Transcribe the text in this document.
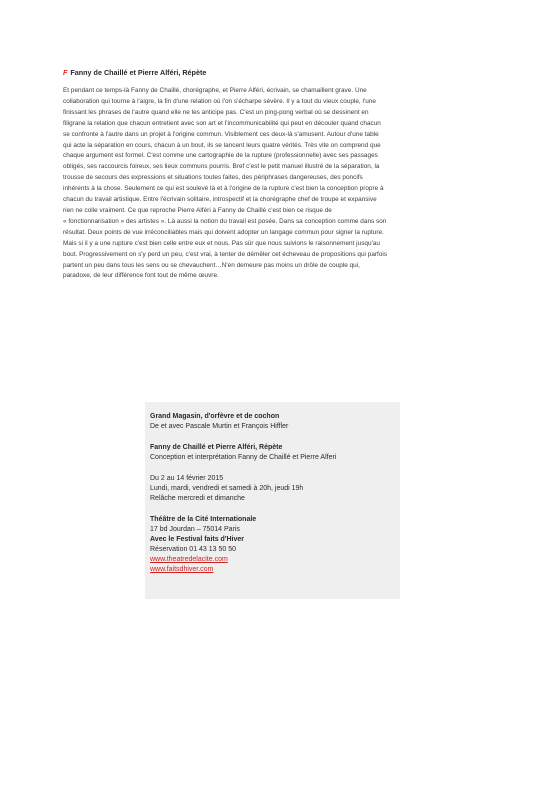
F Fanny de Chaillé et Pierre Alféri, Répète
Et pendant ce temps-là Fanny de Chaillé, chorégraphe, et Pierre Alféri, écrivain, se chamaillent grave. Une
collaboration qui tourne à l'aigre, la fin d'une relation où l'on s'écharpe sévère. Il y a tout du vieux couple, l'une
finissant les phrases de l'autre quand elle ne les anticipe pas. C'est un ping-pong verbal où se dessinent en
filigrane la relation que chacun entretient avec son art et l'incommunicabilité qui peut en découler quand chacun
se confronte à l'autre dans un projet à l'origine commun. Visiblement ces deux-là s'amusent. Autour d'une table
qui acte la séparation en cours, chacun à un bout, ils se lancent leurs quatre vérités. Très vite on comprend que
chaque argument est formel. C'est comme une cartographie de la rupture (professionnelle) avec ses passages
obligés, ses raccourcis foireux, ses lieux communs pourris. Bref c'est le petit manuel illustré de la séparation, la
trousse de secours des expressions et situations toutes faites, des périphrases dangereuses, des poncifs
inhérents à la chose. Seulement ce qui est soulevé là et à l'origine de la rupture c'est bien la conception propre à
chacun du travail artistique. Entre l'écrivain solitaire, introspectif et la chorégraphe chef de troupe et expansive
rien ne colle vraiment. Ce que reproche Pierre Alféri à Fanny de Chaillé c'est bien ce risque de
« fonctionnarisation » des artistes ». Là aussi la notion du travail est posée. Dans sa conception comme dans son
résultat. Deux points de vue irréconciliables mais qui doivent adopter un langage commun pour signer la rupture.
Mais si il y a une rupture c'est bien celle entre eux et nous. Pas sûr que nous suivions le raisonnement jusqu'au
bout. Progressivement on s'y perd un peu, c'est vrai, à tenter de démêler cet écheveau de propositions qui parfois
partent un peu dans tous les sens ou se chevauchent…N'en demeure pas moins un drôle de couple qui,
paradoxe, de leur différence font tout de même œuvre.
Grand Magasin, d'orfèvre et de cochon
De et avec Pascale Murtin et François Hiffler
Fanny de Chaillé et Pierre Alféri, Répète
Conception et interprétation Fanny de Chaillé et Pierre Alferi
Du 2 au 14 février 2015
Lundi, mardi, vendredi et samedi à 20h, jeudi 19h
Relâche mercredi et dimanche
Théâtre de la Cité Internationale
17 bd Jourdan – 75014 Paris
Avec le Festival faits d'Hiver
Réservation 01 43 13 50 50
www.theatredelacite.com
www.faitsdhiver.com
